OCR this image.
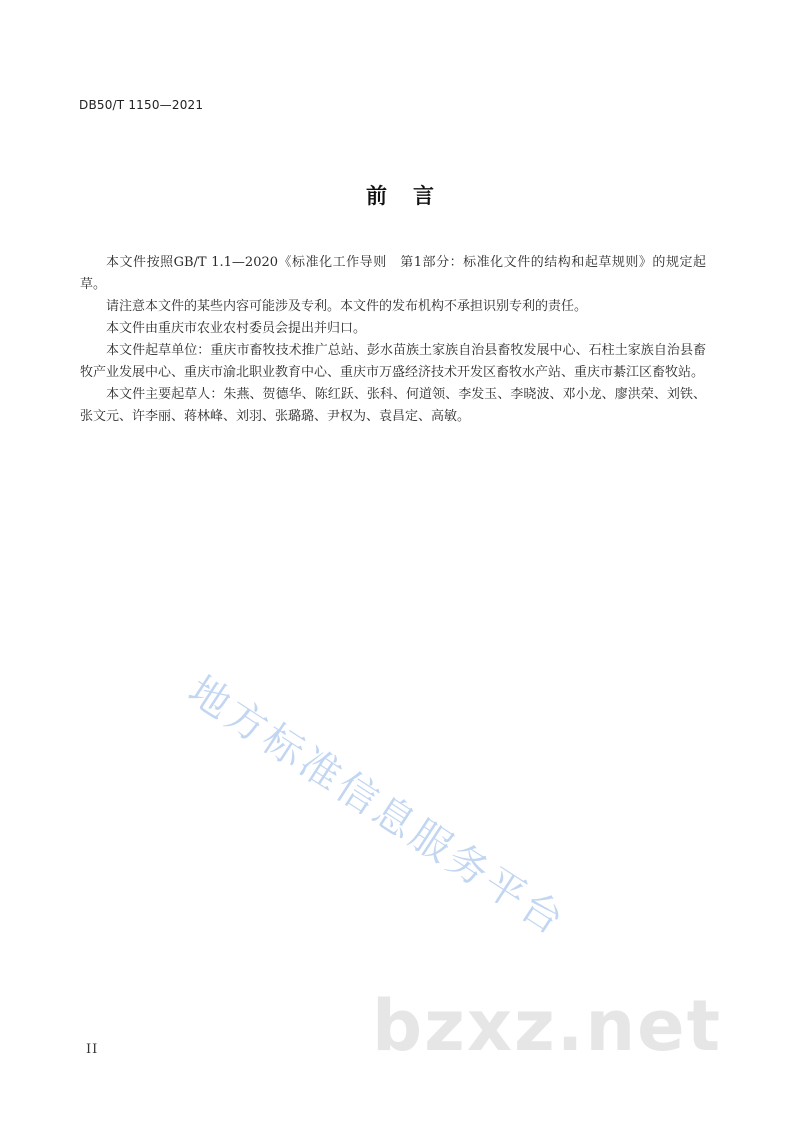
DB50/T 1150—2021
前言

本文件按照GB/T 1.1—2020《标准化工作导则　第1部分：标准化文件的结构和起草规则》的规定起草。

请注意本文件的某些内容可能涉及专利。本文件的发布机构不承担识别专利的责任。

本文件由重庆市农业农村委员会提出并归口。

本文件起草单位：重庆市畜牧技术推广总站、彭水苗族土家族自治县畜牧发展中心、石柱土家族自治县畜牧产业发展中心、重庆市渝北职业教育中心、重庆市万盛经济技术开发区畜牧水产站、重庆市綦江区畜牧站。

本文件主要起草人：朱燕、贺德华、陈红跃、张科、何道领、李发玉、李晓波、邓小龙、廖洪荣、刘铁、张文元、许李丽、蒋林峰、刘羽、张璐璐、尹权为、袁昌定、高敏。

地方标准信息服务平台
bzxz.net
II
